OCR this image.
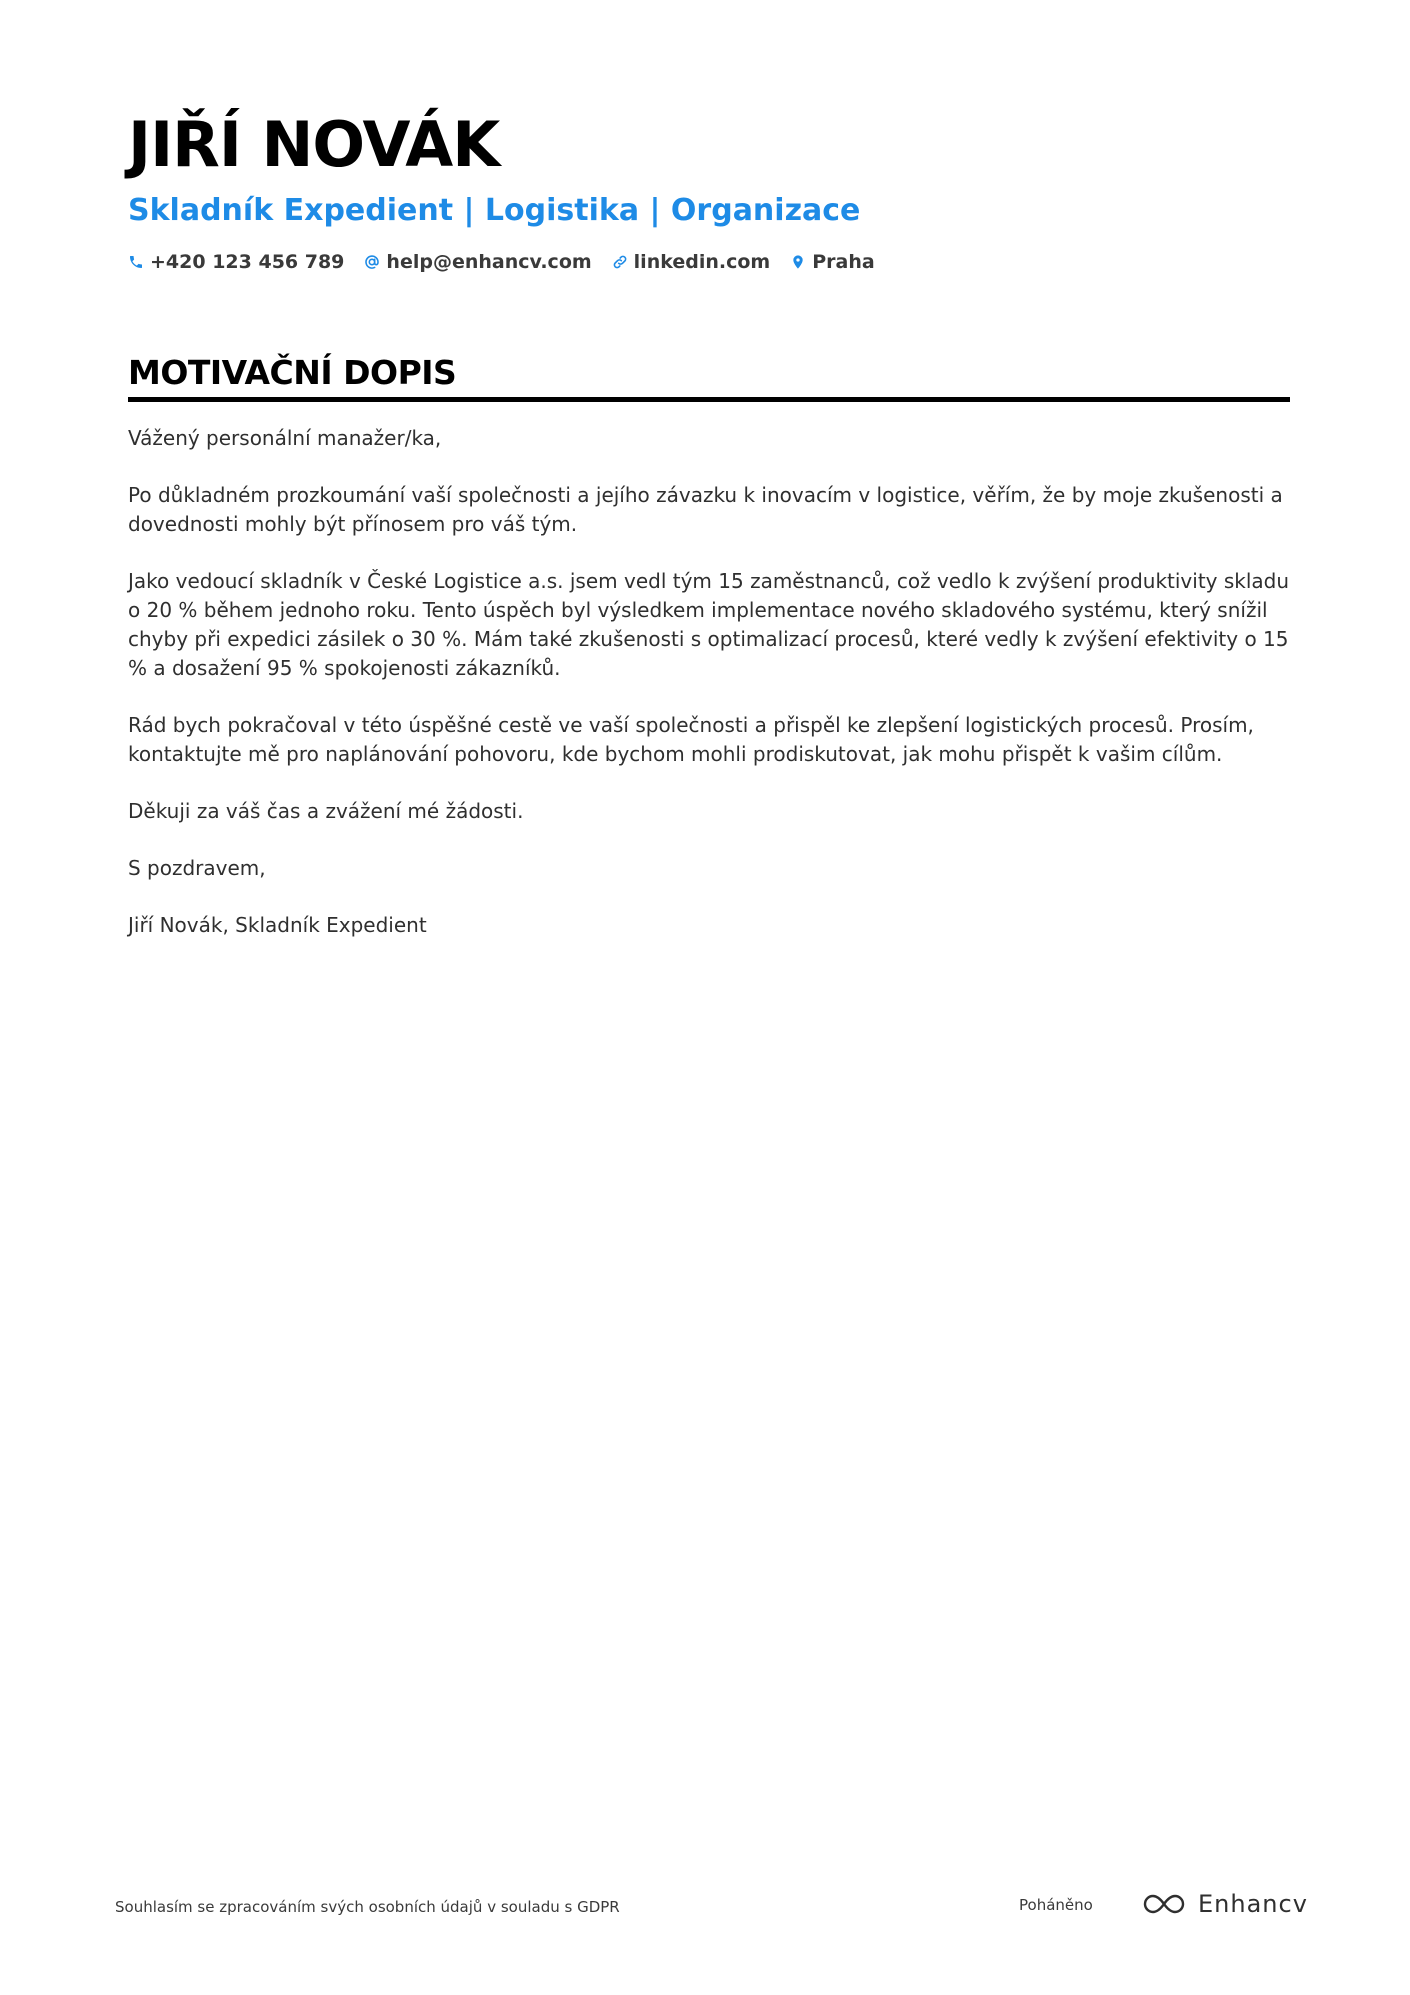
JIŘÍ NOVÁK
Skladník Expedient | Logistika | Organizace
+420 123 456 789 help@enhancv.com linkedin.com Praha
MOTIVAČNÍ DOPIS

Vážený personální manažer/ka,

Po důkladném prozkoumání vaší společnosti a jejího závazku k inovacím v logistice, věřím, že by moje zkušenosti a dovednosti mohly být přínosem pro váš tým.

Jako vedoucí skladník v České Logistice a.s. jsem vedl tým 15 zaměstnanců, což vedlo k zvýšení produktivity skladu o 20 % během jednoho roku. Tento úspěch byl výsledkem implementace nového skladového systému, který snížil chyby při expedici zásilek o 30 %. Mám také zkušenosti s optimalizací procesů, které vedly k zvýšení efektivity o 15 % a dosažení 95 % spokojenosti zákazníků.

Rád bych pokračoval v této úspěšné cestě ve vaší společnosti a přispěl ke zlepšení logistických procesů. Prosím, kontaktujte mě pro naplánování pohovoru, kde bychom mohli prodiskutovat, jak mohu přispět k vašim cílům.

Děkuji za váš čas a zvážení mé žádosti.

S pozdravem,

Jiří Novák, Skladník Expedient

Souhlasím se zpracováním svých osobních údajů v souladu s GDPR	Poháněno	Enhancv
